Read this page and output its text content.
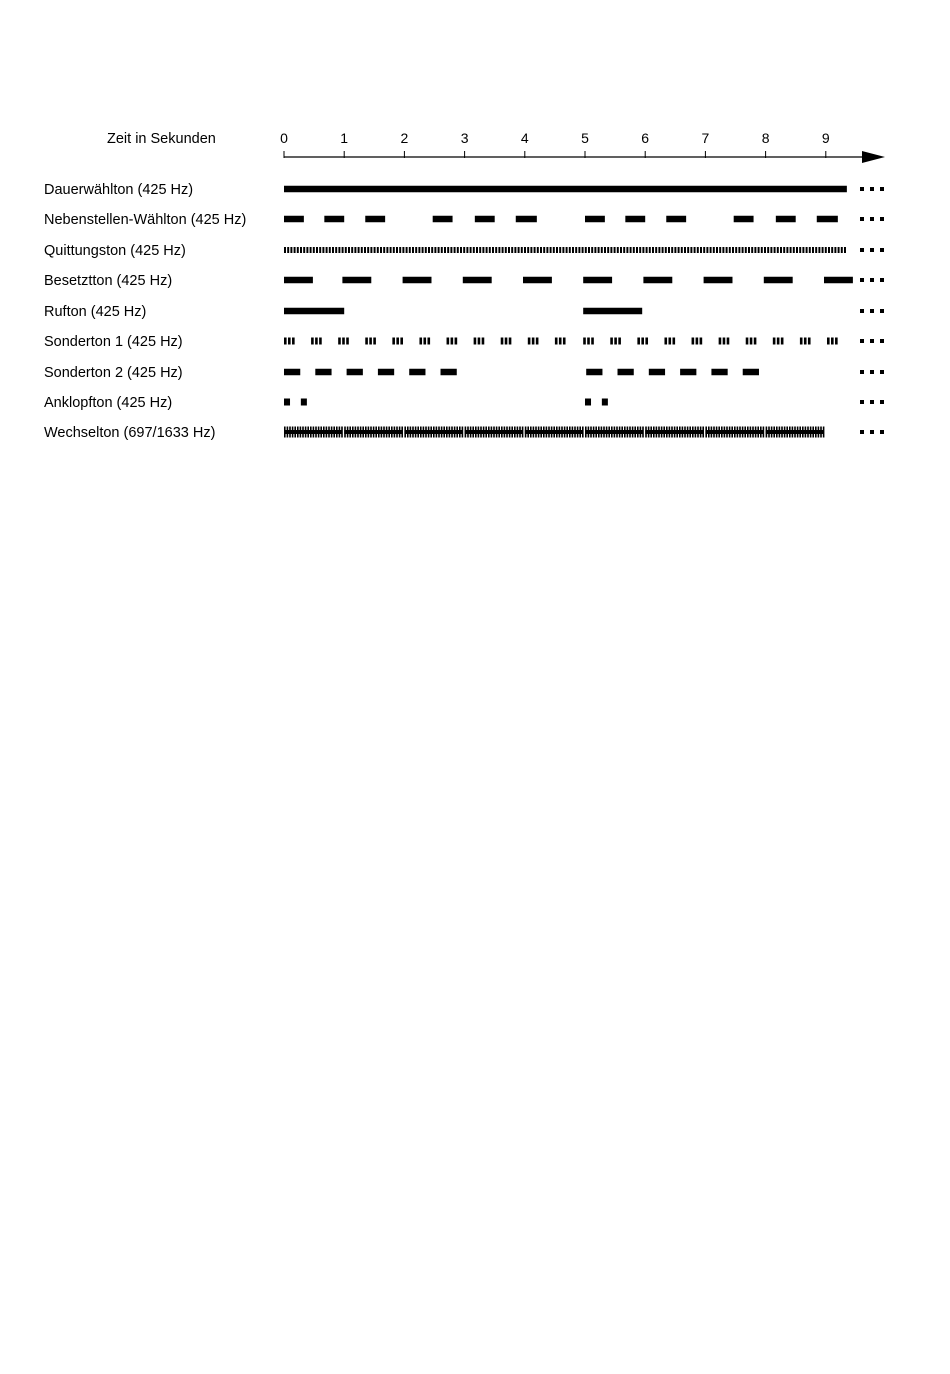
Zeit in Sekunden	0	1	2	3	4	5	6	7	8	9
Dauerwählton (425 Hz)
Nebenstellen-Wählton (425 Hz)
Quittungston (425 Hz)
Besetztton (425 Hz)
Rufton (425 Hz)
Sonderton 1 (425 Hz)
Sonderton 2 (425 Hz)
Anklopfton (425 Hz)
Wechselton (697/1633 Hz)
